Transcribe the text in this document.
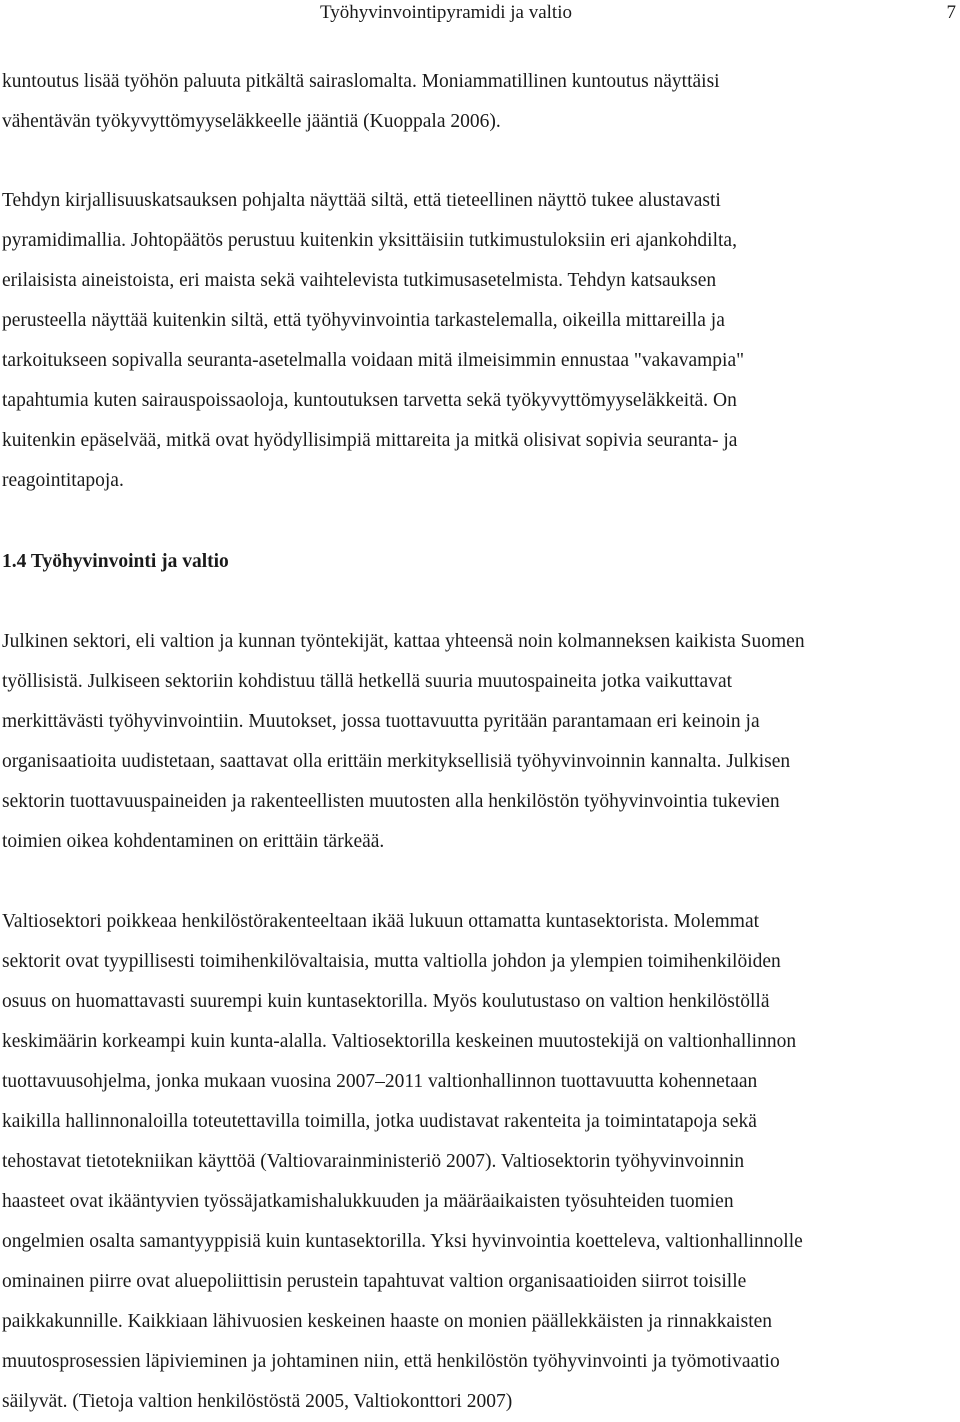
Työhyvinvointipyramidi ja valtio	7

kuntoutus lisää työhön paluuta pitkältä sairaslomalta. Moniammatillinen kuntoutus näyttäisi
vähentävän työkyvyttömyyseläkkeelle jääntiä (Kuoppala 2006).

Tehdyn kirjallisuuskatsauksen pohjalta näyttää siltä, että tieteellinen näyttö tukee alustavasti
pyramidimallia. Johtopäätös perustuu kuitenkin yksittäisiin tutkimustuloksiin eri ajankohdilta,
erilaisista aineistoista, eri maista sekä vaihtelevista tutkimusasetelmista. Tehdyn katsauksen
perusteella näyttää kuitenkin siltä, että työhyvinvointia tarkastelemalla, oikeilla mittareilla ja
tarkoitukseen sopivalla seuranta-asetelmalla voidaan mitä ilmeisimmin ennustaa "vakavampia"
tapahtumia kuten sairauspoissaoloja, kuntoutuksen tarvetta sekä työkyvyttömyyseläkkeitä. On
kuitenkin epäselvää, mitkä ovat hyödyllisimpiä mittareita ja mitkä olisivat sopivia seuranta- ja
reagointitapoja.

1.4 Työhyvinvointi ja valtio

Julkinen sektori, eli valtion ja kunnan työntekijät, kattaa yhteensä noin kolmanneksen kaikista Suomen
työllisistä. Julkiseen sektoriin kohdistuu tällä hetkellä suuria muutospaineita jotka vaikuttavat
merkittävästi työhyvinvointiin. Muutokset, jossa tuottavuutta pyritään parantamaan eri keinoin ja
organisaatioita uudistetaan, saattavat olla erittäin merkityksellisiä työhyvinvoinnin kannalta. Julkisen
sektorin tuottavuuspaineiden ja rakenteellisten muutosten alla henkilöstön työhyvinvointia tukevien
toimien oikea kohdentaminen on erittäin tärkeää.

Valtiosektori poikkeaa henkilöstörakenteeltaan ikää lukuun ottamatta kuntasektorista. Molemmat
sektorit ovat tyypillisesti toimihenkilövaltaisia, mutta valtiolla johdon ja ylempien toimihenkilöiden
osuus on huomattavasti suurempi kuin kuntasektorilla. Myös koulutustaso on valtion henkilöstöllä
keskimäärin korkeampi kuin kunta-alalla. Valtiosektorilla keskeinen muutostekijä on valtionhallinnon
tuottavuusohjelma, jonka mukaan vuosina 2007–2011 valtionhallinnon tuottavuutta kohennetaan
kaikilla hallinnonaloilla toteutettavilla toimilla, jotka uudistavat rakenteita ja toimintatapoja sekä
tehostavat tietotekniikan käyttöä (Valtiovarainministeriö 2007). Valtiosektorin työhyvinvoinnin
haasteet ovat ikääntyvien työssäjatkamishalukkuuden ja määräaikaisten työsuhteiden tuomien
ongelmien osalta samantyyppisiä kuin kuntasektorilla. Yksi hyvinvointia koetteleva, valtionhallinnolle
ominainen piirre ovat aluepoliittisin perustein tapahtuvat valtion organisaatioiden siirrot toisille
paikkakunnille. Kaikkiaan lähivuosien keskeinen haaste on monien päällekkäisten ja rinnakkaisten
muutosprosessien läpivieminen ja johtaminen niin, että henkilöstön työhyvinvointi ja työmotivaatio
säilyvät. (Tietoja valtion henkilöstöstä 2005, Valtiokonttori 2007)
